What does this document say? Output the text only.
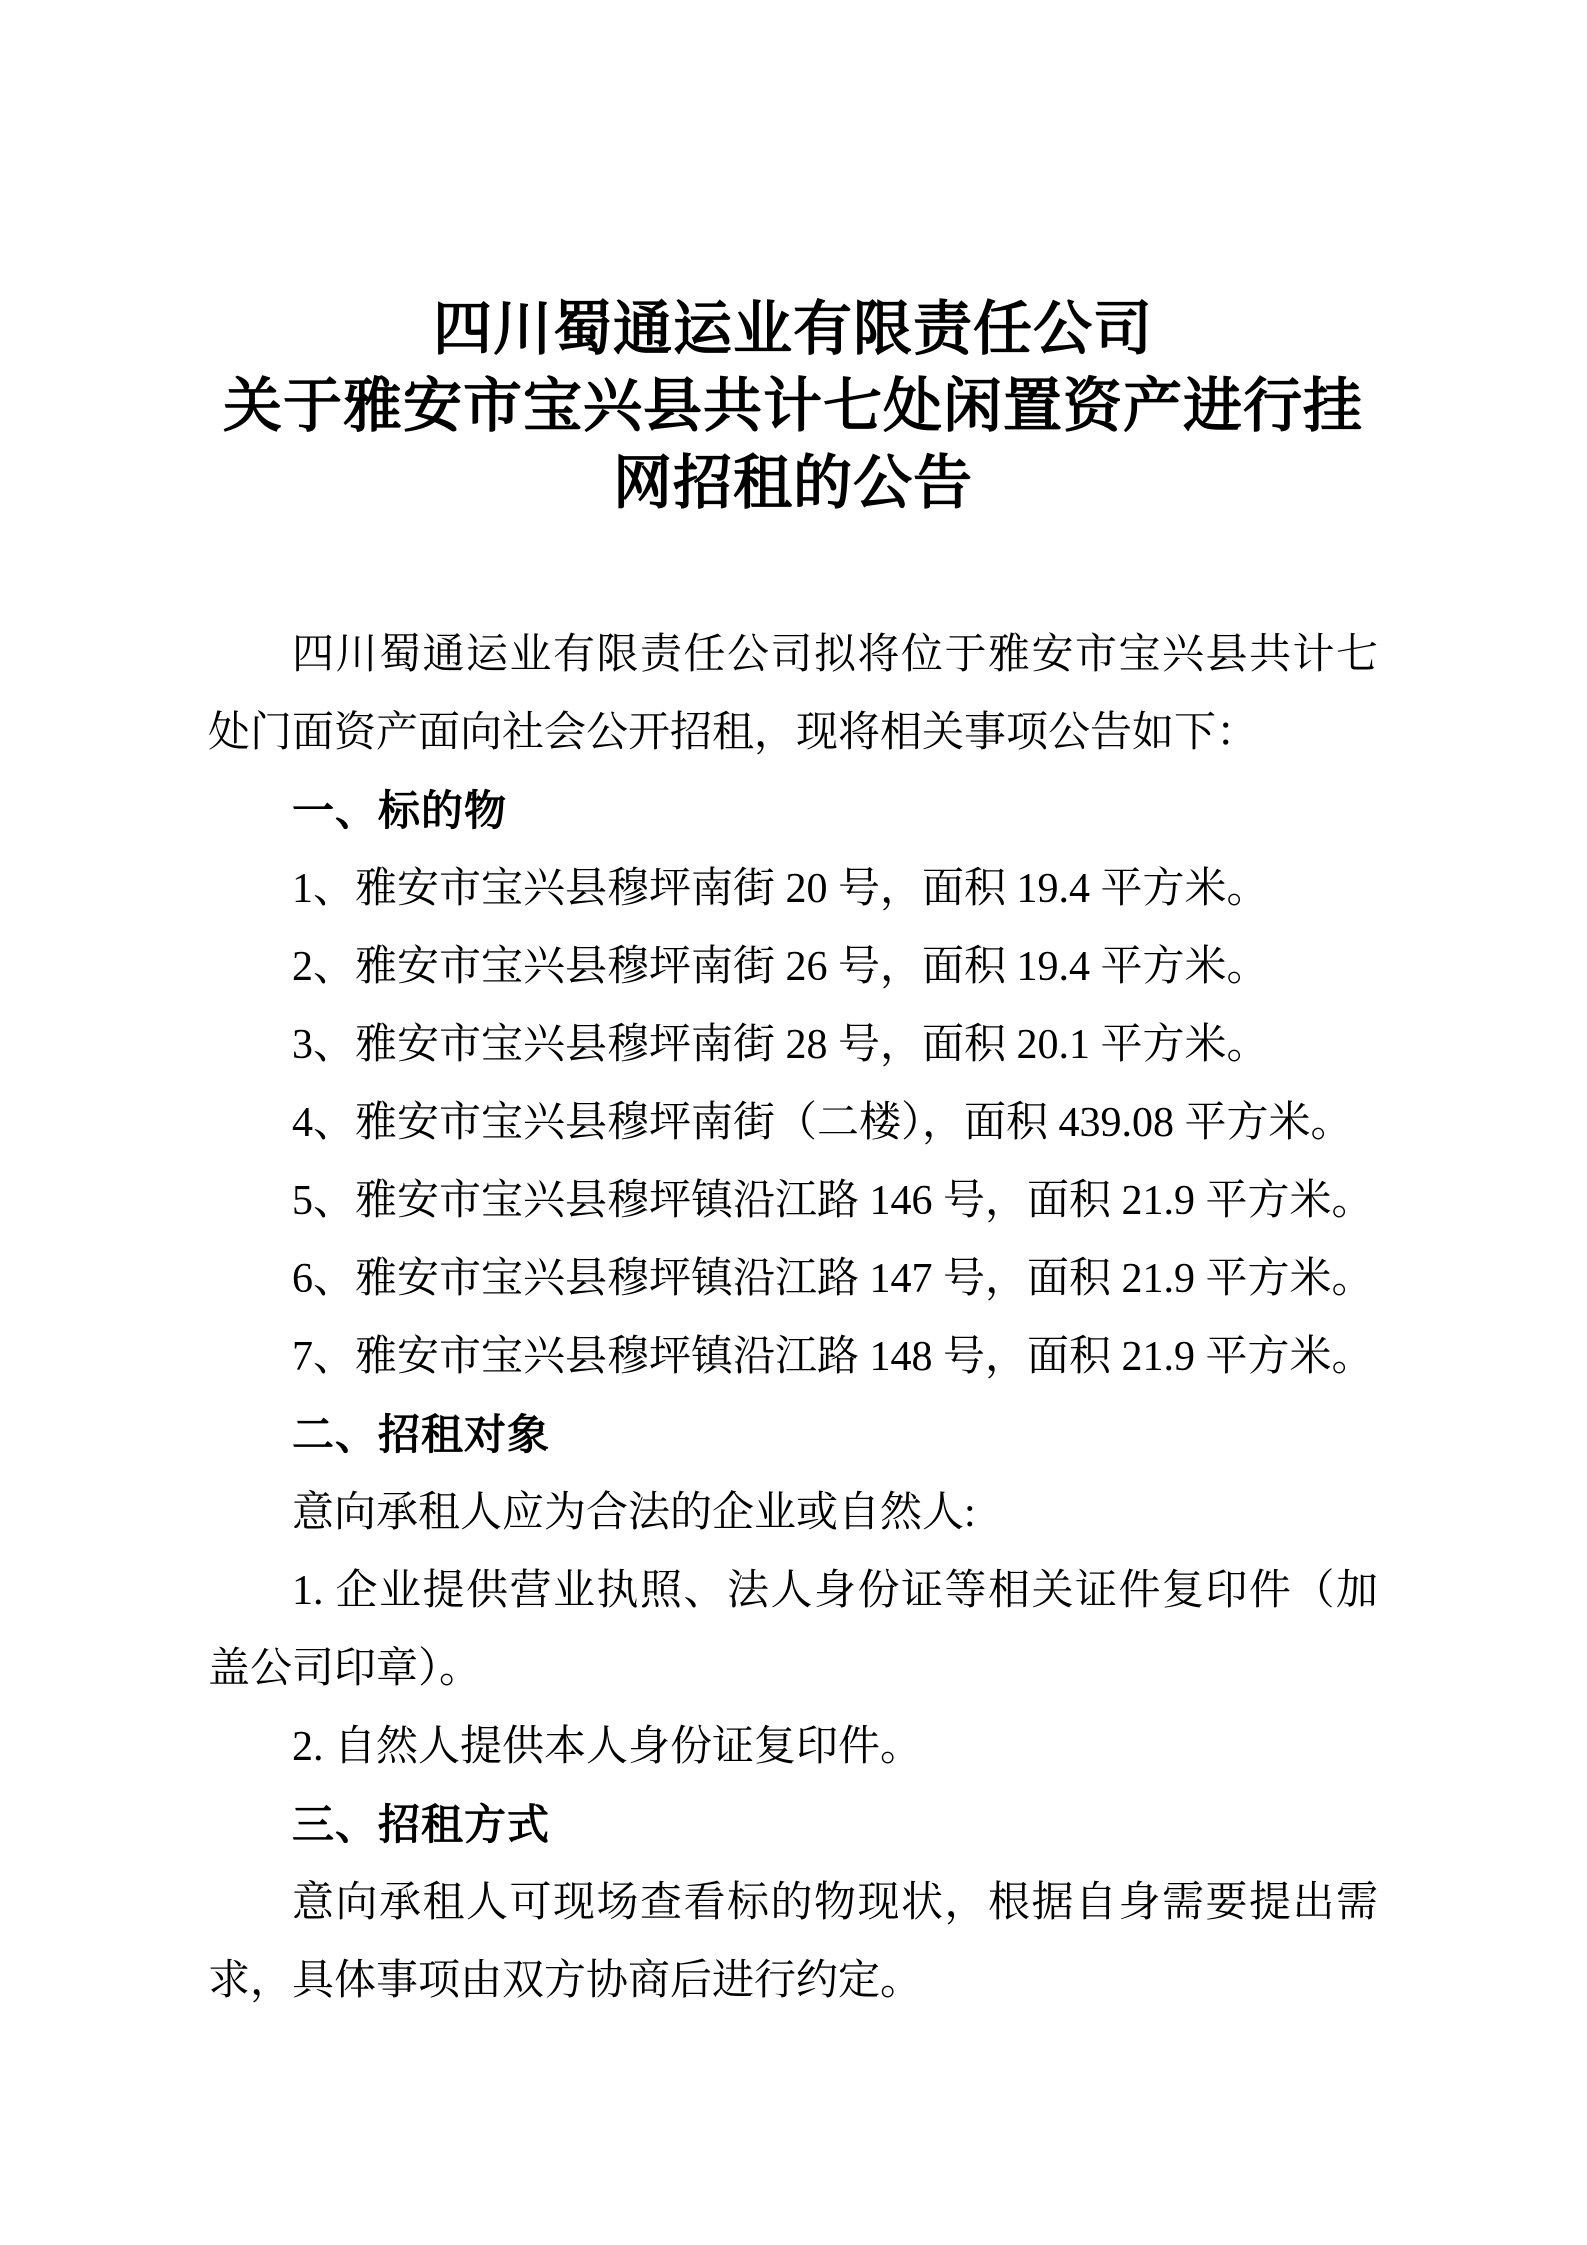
四川蜀通运业有限责任公司
关于雅安市宝兴县共计七处闲置资产进行挂
网招租的公告

四川蜀通运业有限责任公司拟将位于雅安市宝兴县共计七处门面资产面向社会公开招租，现将相关事项公告如下：

一、标的物

1、雅安市宝兴县穆坪南街 20 号，面积 19.4 平方米。

2、雅安市宝兴县穆坪南街 26 号，面积 19.4 平方米。

3、雅安市宝兴县穆坪南街 28 号，面积 20.1 平方米。

4、雅安市宝兴县穆坪南街（二楼），面积 439.08 平方米。

5、雅安市宝兴县穆坪镇沿江路 146 号，面积 21.9 平方米。

6、雅安市宝兴县穆坪镇沿江路 147 号，面积 21.9 平方米。

7、雅安市宝兴县穆坪镇沿江路 148 号，面积 21.9 平方米。

二、招租对象

意向承租人应为合法的企业或自然人:

1. 企业提供营业执照、法人身份证等相关证件复印件（加盖公司印章）。

2. 自然人提供本人身份证复印件。

三、招租方式

意向承租人可现场查看标的物现状，根据自身需要提出需求，具体事项由双方协商后进行约定。
